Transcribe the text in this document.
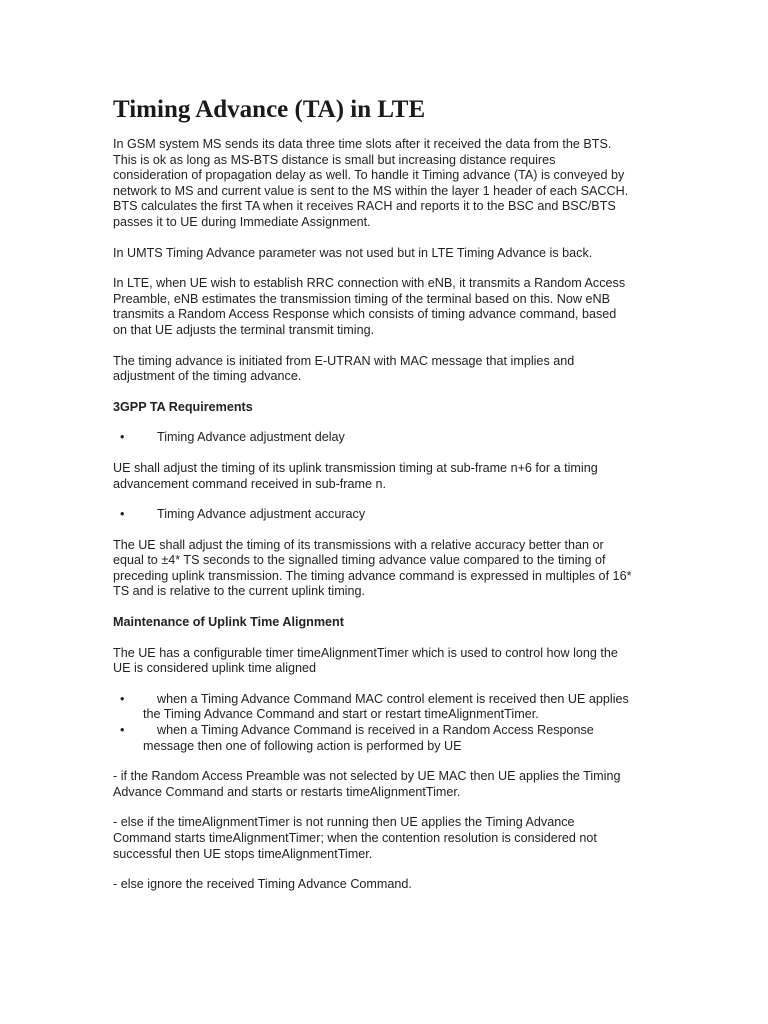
Timing Advance (TA) in LTE

In GSM system MS sends its data three time slots after it received the data from the BTS. This is ok as long as MS-BTS distance is small but increasing distance requires consideration of propagation delay as well. To handle it Timing advance (TA) is conveyed by network to MS and current value is sent to the MS within the layer 1 header of each SACCH. BTS calculates the first TA when it receives RACH and reports it to the BSC and BSC/BTS passes it to UE during Immediate Assignment.

In UMTS Timing Advance parameter was not used but in LTE Timing Advance is back.

In LTE, when UE wish to establish RRC connection with eNB, it transmits a Random Access Preamble, eNB estimates the transmission timing of the terminal based on this. Now eNB transmits a Random Access Response which consists of timing advance command, based on that UE adjusts the terminal transmit timing.

The timing advance is initiated from E-UTRAN with MAC message that implies and adjustment of the timing advance.

3GPP TA Requirements
•	Timing Advance adjustment delay

UE shall adjust the timing of its uplink transmission timing at sub-frame n+6 for a timing advancement command received in sub-frame n.

•	Timing Advance adjustment accuracy

The UE shall adjust the timing of its transmissions with a relative accuracy better than or equal to ±4* TS seconds to the signalled timing advance value compared to the timing of preceding uplink transmission. The timing advance command is expressed in multiples of 16* TS and is relative to the current uplink timing.

Maintenance of Uplink Time Alignment

The UE has a configurable timer timeAlignmentTimer which is used to control how long the UE is considered uplink time aligned

•	when a Timing Advance Command MAC control element is received then UE applies the Timing Advance Command and start or restart timeAlignmentTimer.
•	when a Timing Advance Command is received in a Random Access Response message then one of following action is performed by UE

- if the Random Access Preamble was not selected by UE MAC then UE applies the Timing Advance Command and starts or restarts timeAlignmentTimer.

- else if the timeAlignmentTimer is not running then UE applies the Timing Advance Command starts timeAlignmentTimer; when the contention resolution is considered not successful then UE stops timeAlignmentTimer.

- else ignore the received Timing Advance Command.
